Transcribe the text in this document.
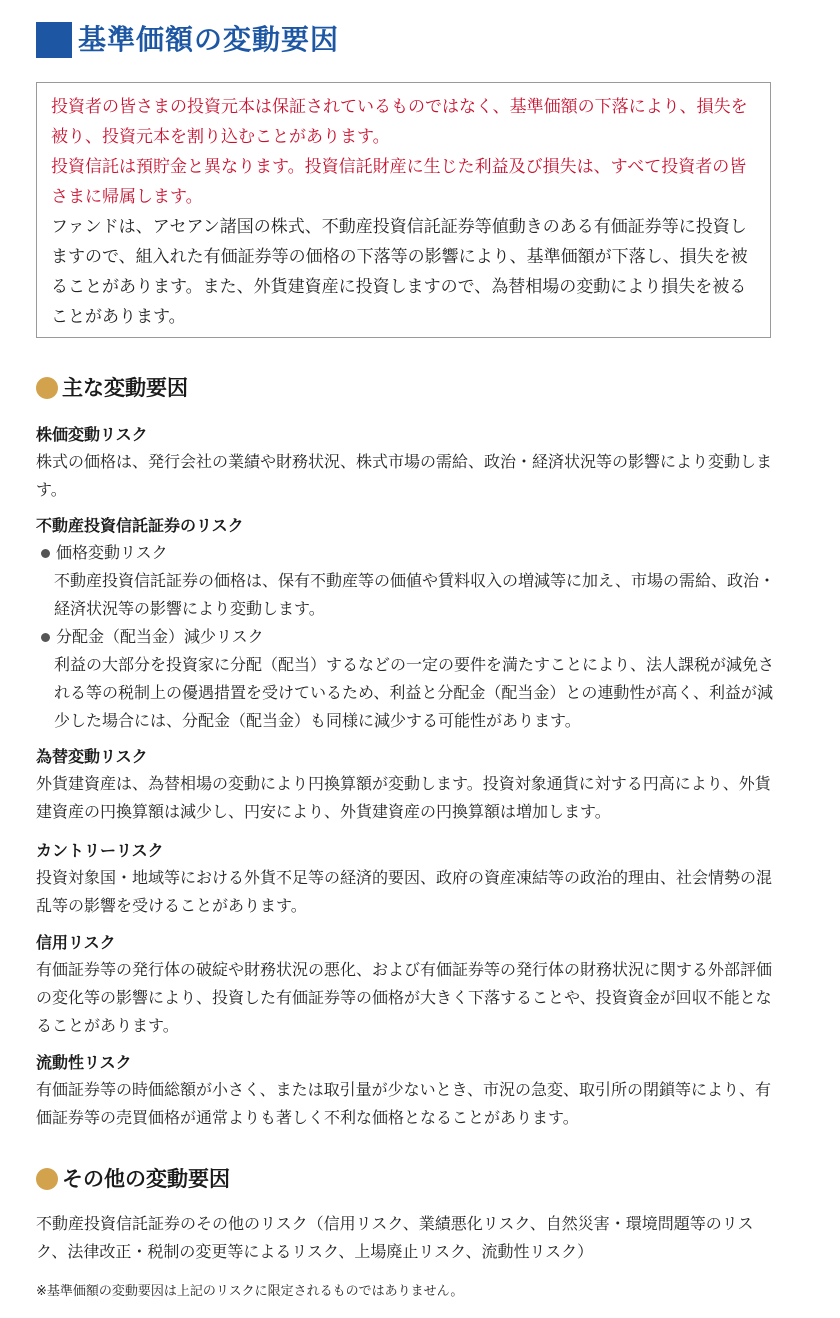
基準価額の変動要因

投資者の皆さまの投資元本は保証されているものではなく、基準価額の下落により、損失を被り、投資元本を割り込むことがあります。

投資信託は預貯金と異なります。投資信託財産に生じた利益及び損失は、すべて投資者の皆さまに帰属します。

ファンドは、アセアン諸国の株式、不動産投資信託証券等値動きのある有価証券等に投資しますので、組入れた有価証券等の価格の下落等の影響により、基準価額が下落し、損失を被ることがあります。また、外貨建資産に投資しますので、為替相場の変動により損失を被ることがあります。

主な変動要因

株価変動リスク

株式の価格は、発行会社の業績や財務状況、株式市場の需給、政治・経済状況等の影響により変動します。

不動産投資信託証券のリスク

価格変動リスク

不動産投資信託証券の価格は、保有不動産等の価値や賃料収入の増減等に加え、市場の需給、政治・経済状況等の影響により変動します。

分配金（配当金）減少リスク

利益の大部分を投資家に分配（配当）するなどの一定の要件を満たすことにより、法人課税が減免される等の税制上の優遇措置を受けているため、利益と分配金（配当金）との連動性が高く、利益が減少した場合には、分配金（配当金）も同様に減少する可能性があります。

為替変動リスク

外貨建資産は、為替相場の変動により円換算額が変動します。投資対象通貨に対する円高により、外貨建資産の円換算額は減少し、円安により、外貨建資産の円換算額は増加します。

カントリーリスク

投資対象国・地域等における外貨不足等の経済的要因、政府の資産凍結等の政治的理由、社会情勢の混乱等の影響を受けることがあります。

信用リスク

有価証券等の発行体の破綻や財務状況の悪化、および有価証券等の発行体の財務状況に関する外部評価の変化等の影響により、投資した有価証券等の価格が大きく下落することや、投資資金が回収不能となることがあります。

流動性リスク

有価証券等の時価総額が小さく、または取引量が少ないとき、市況の急変、取引所の閉鎖等により、有価証券等の売買価格が通常よりも著しく不利な価格となることがあります。

その他の変動要因

不動産投資信託証券のその他のリスク（信用リスク、業績悪化リスク、自然災害・環境問題等のリスク、法律改正・税制の変更等によるリスク、上場廃止リスク、流動性リスク）

※基準価額の変動要因は上記のリスクに限定されるものではありません。
